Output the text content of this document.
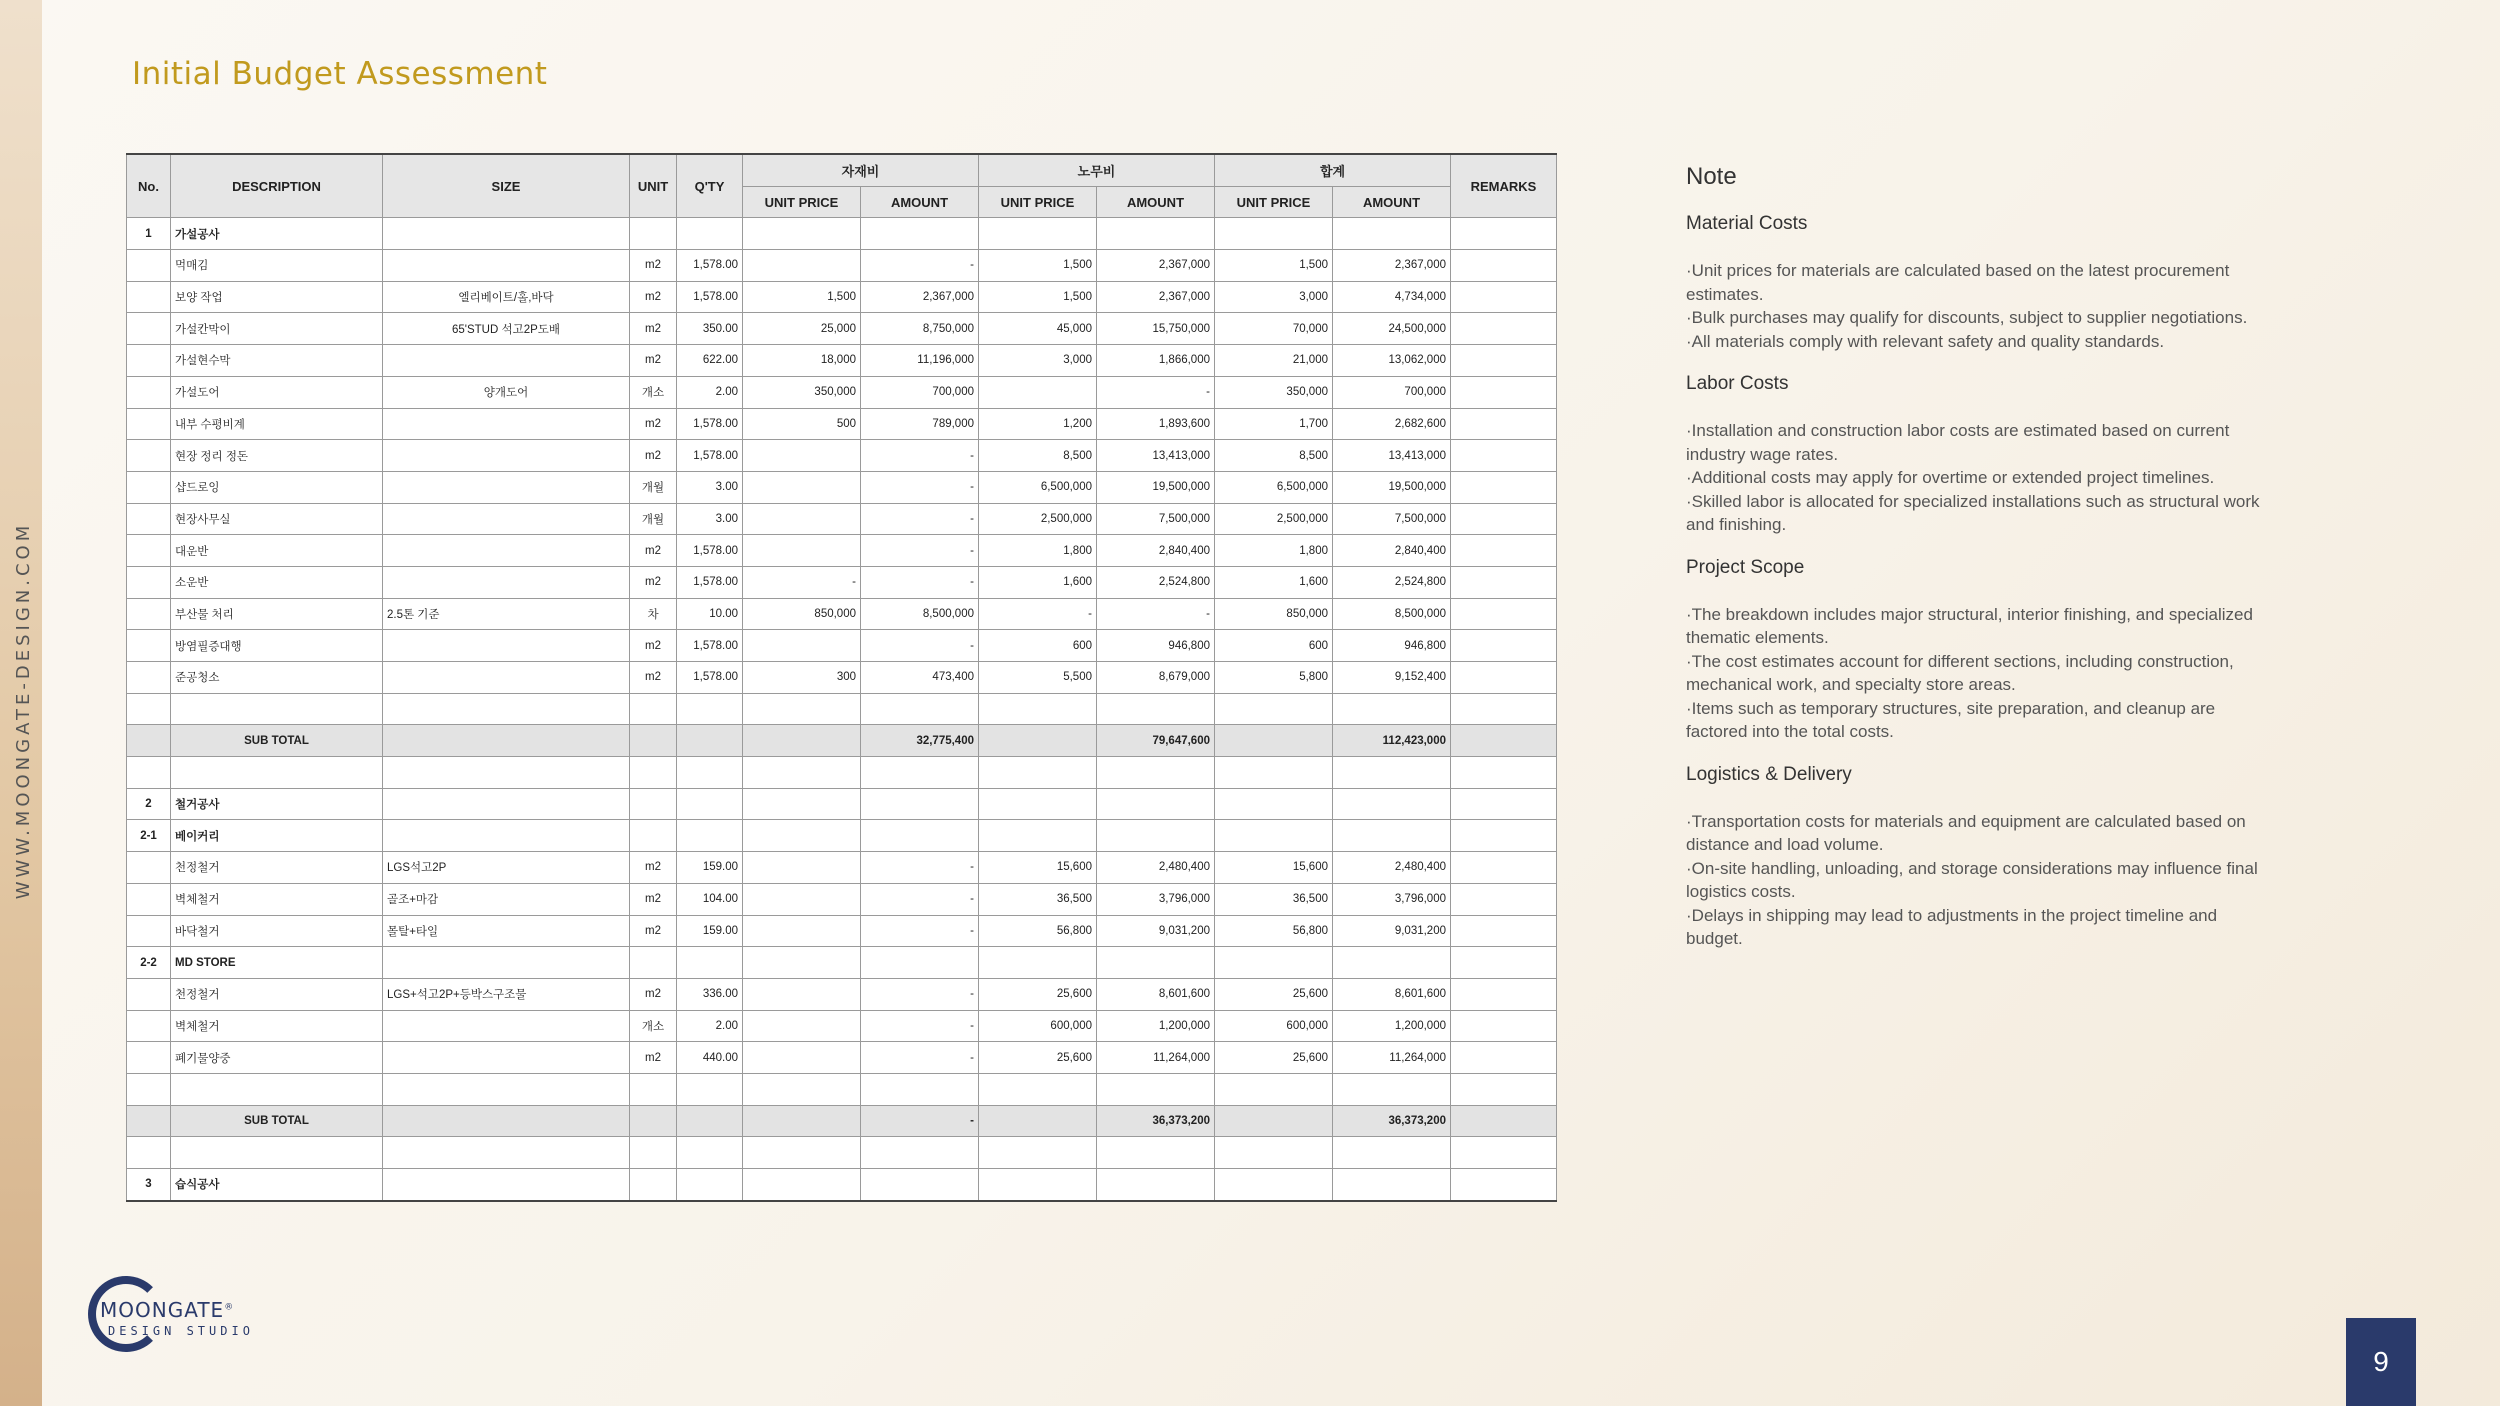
WWW.MOONGATE-DESIGN.COM
Initial Budget Assessment
No.	DESCRIPTION	SIZE	UNIT	Q'TY	자재비		노무비		합계		REMARKS
					UNIT PRICE	AMOUNT	UNIT PRICE	AMOUNT	UNIT PRICE	AMOUNT	
1	가설공사										
	먹매김		m2	1,578.00		-	1,500	2,367,000	1,500	2,367,000	
	보양 작업	엘리베이트/홀,바닥	m2	1,578.00	1,500	2,367,000	1,500	2,367,000	3,000	4,734,000	
	가설칸막이	65'STUD 석고2P도배	m2	350.00	25,000	8,750,000	45,000	15,750,000	70,000	24,500,000	
	가설현수막		m2	622.00	18,000	11,196,000	3,000	1,866,000	21,000	13,062,000	
	가설도어	양개도어	개소	2.00	350,000	700,000		-	350,000	700,000	
	내부 수평비계		m2	1,578.00	500	789,000	1,200	1,893,600	1,700	2,682,600	
	현장 정리 정돈		m2	1,578.00		-	8,500	13,413,000	8,500	13,413,000	
	샵드로잉		개월	3.00		-	6,500,000	19,500,000	6,500,000	19,500,000	
	현장사무실		개월	3.00		-	2,500,000	7,500,000	2,500,000	7,500,000	
	대운반		m2	1,578.00		-	1,800	2,840,400	1,800	2,840,400	
	소운반		m2	1,578.00	-	-	1,600	2,524,800	1,600	2,524,800	
	부산물 처리	2.5톤 기준	차	10.00	850,000	8,500,000	-	-	850,000	8,500,000	
	방염필증대행		m2	1,578.00		-	600	946,800	600	946,800	
	준공청소		m2	1,578.00	300	473,400	5,500	8,679,000	5,800	9,152,400	

	SUB TOTAL					32,775,400		79,647,600		112,423,000	

2	철거공사										
2-1	베이커리										
	천정철거	LGS석고2P	m2	159.00		-	15,600	2,480,400	15,600	2,480,400	
	벽체철거	골조+마감	m2	104.00		-	36,500	3,796,000	36,500	3,796,000	
	바닥철거	몰탈+타일	m2	159.00		-	56,800	9,031,200	56,800	9,031,200	
2-2	MD STORE										
	천정철거	LGS+석고2P+등박스구조물	m2	336.00		-	25,600	8,601,600	25,600	8,601,600	
	벽체철거		개소	2.00		-	600,000	1,200,000	600,000	1,200,000	
	폐기물양중		m2	440.00		-	25,600	11,264,000	25,600	11,264,000	

	SUB TOTAL					-		36,373,200		36,373,200	

3	습식공사										
Note
Material Costs

·Unit prices for materials are calculated based on the latest procurement estimates.

·Bulk purchases may qualify for discounts, subject to supplier negotiations.

·All materials comply with relevant safety and quality standards.

Labor Costs

·Installation and construction labor costs are estimated based on current industry wage rates.

·Additional costs may apply for overtime or extended project timelines.

·Skilled labor is allocated for specialized installations such as structural work and finishing.

Project Scope

·The breakdown includes major structural, interior finishing, and specialized thematic elements.

·The cost estimates account for different sections, including construction, mechanical work, and specialty store areas.

·Items such as temporary structures, site preparation, and cleanup are factored into the total costs.

Logistics & Delivery

·Transportation costs for materials and equipment are calculated based on distance and load volume.

·On-site handling, unloading, and storage considerations may influence final logistics costs.

·Delays in shipping may lead to adjustments in the project timeline and budget.

MOONGATE®
DESIGN STUDIO
9
